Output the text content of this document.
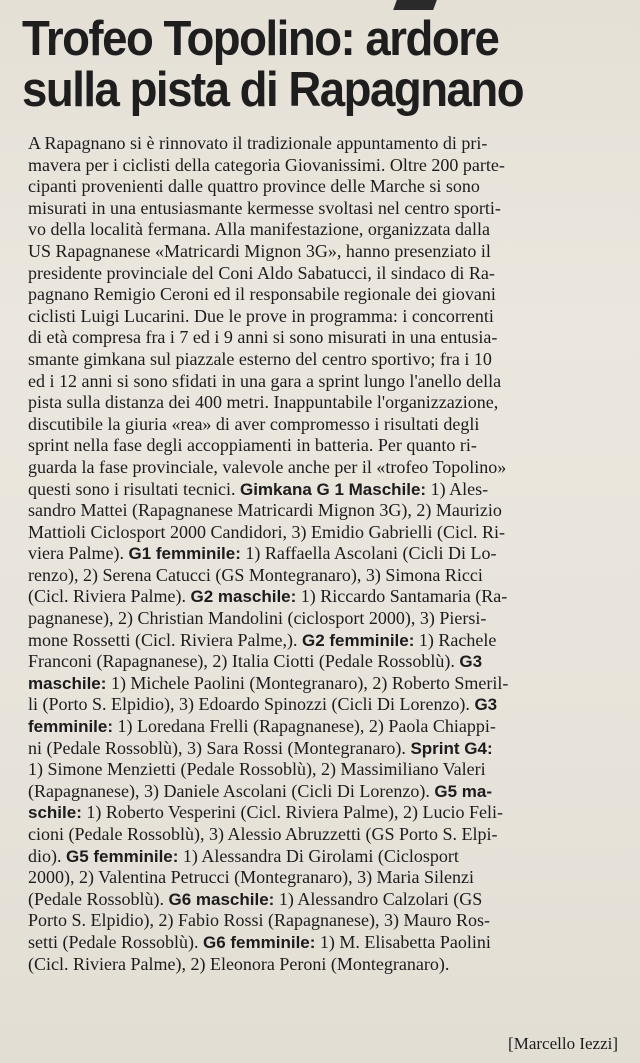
Trofeo Topolino: ardore
sulla pista di Rapagnano
A Rapagnano si è rinnovato il tradizionale appuntamento di pri-
mavera per i ciclisti della categoria Giovanissimi. Oltre 200 parte-
cipanti provenienti dalle quattro province delle Marche si sono
misurati in una entusiasmante kermesse svoltasi nel centro sporti-
vo della località fermana. Alla manifestazione, organizzata dalla
US Rapagnanese «Matricardi Mignon 3G», hanno presenziato il
presidente provinciale del Coni Aldo Sabatucci, il sindaco di Ra-
pagnano Remigio Ceroni ed il responsabile regionale dei giovani
ciclisti Luigi Lucarini. Due le prove in programma: i concorrenti
di età compresa fra i 7 ed i 9 anni si sono misurati in una entusia-
smante gimkana sul piazzale esterno del centro sportivo; fra i 10
ed i 12 anni si sono sfidati in una gara a sprint lungo l'anello della
pista sulla distanza dei 400 metri. Inappuntabile l'organizzazione,
discutibile la giuria «rea» di aver compromesso i risultati degli
sprint nella fase degli accoppiamenti in batteria. Per quanto ri-
guarda la fase provinciale, valevole anche per il «trofeo Topolino»
questi sono i risultati tecnici. Gimkana G 1 Maschile: 1) Ales-
sandro Mattei (Rapagnanese Matricardi Mignon 3G), 2) Maurizio
Mattioli Ciclosport 2000 Candidori, 3) Emidio Gabrielli (Cicl. Ri-
viera Palme). G1 femminile: 1) Raffaella Ascolani (Cicli Di Lo-
renzo), 2) Serena Catucci (GS Montegranaro), 3) Simona Ricci
(Cicl. Riviera Palme). G2 maschile: 1) Riccardo Santamaria (Ra-
pagnanese), 2) Christian Mandolini (ciclosport 2000), 3) Piersi-
mone Rossetti (Cicl. Riviera Palme,). G2 femminile: 1) Rachele
Franconi (Rapagnanese), 2) Italia Ciotti (Pedale Rossoblù). G3
maschile: 1) Michele Paolini (Montegranaro), 2) Roberto Smeril-
li (Porto S. Elpidio), 3) Edoardo Spinozzi (Cicli Di Lorenzo). G3
femminile: 1) Loredana Frelli (Rapagnanese), 2) Paola Chiappi-
ni (Pedale Rossoblù), 3) Sara Rossi (Montegranaro). Sprint G4:
1) Simone Menzietti (Pedale Rossoblù), 2) Massimiliano Valeri
(Rapagnanese), 3) Daniele Ascolani (Cicli Di Lorenzo). G5 ma-
schile: 1) Roberto Vesperini (Cicl. Riviera Palme), 2) Lucio Feli-
cioni (Pedale Rossoblù), 3) Alessio Abruzzetti (GS Porto S. Elpi-
dio). G5 femminile: 1) Alessandra Di Girolami (Ciclosport
2000), 2) Valentina Petrucci (Montegranaro), 3) Maria Silenzi
(Pedale Rossoblù). G6 maschile: 1) Alessandro Calzolari (GS
Porto S. Elpidio), 2) Fabio Rossi (Rapagnanese), 3) Mauro Ros-
setti (Pedale Rossoblù). G6 femminile: 1) M. Elisabetta Paolini
(Cicl. Riviera Palme), 2) Eleonora Peroni (Montegranaro).
[Marcello Iezzi]
